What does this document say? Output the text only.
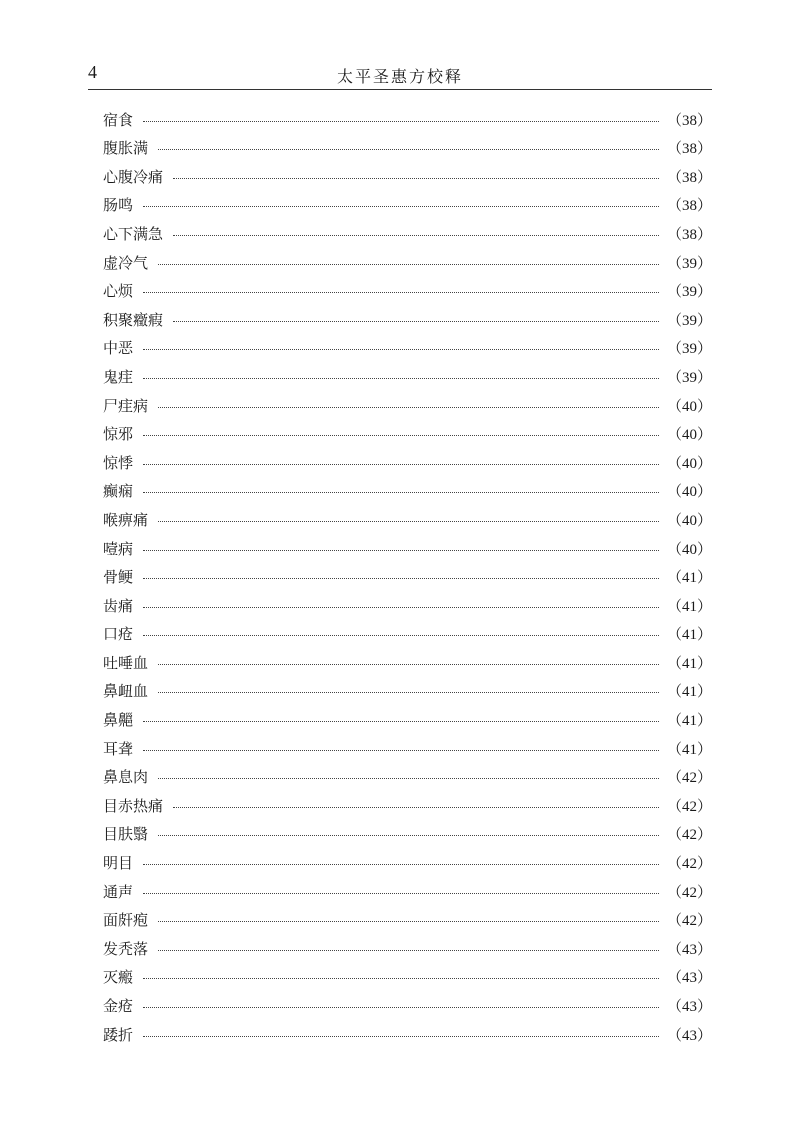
4	太平圣惠方校释
宿食	（38）
腹胀满	（38）
心腹冷痛	（38）
肠鸣	（38）
心下满急	（38）
虚冷气	（39）
心烦	（39）
积聚癥瘕	（39）
中恶	（39）
鬼疰	（39）
尸疰病	（40）
惊邪	（40）
惊悸	（40）
癫痫	（40）
喉痹痛	（40）
噎病	（40）
骨鲠	（41）
齿痛	（41）
口疮	（41）
吐唾血	（41）
鼻衄血	（41）
鼻齆	（41）
耳聋	（41）
鼻息肉	（42）
目赤热痛	（42）
目肤翳	（42）
明目	（42）
通声	（42）
面皯疱	（42）
发秃落	（43）
灭瘢	（43）
金疮	（43）
踒折	（43）
